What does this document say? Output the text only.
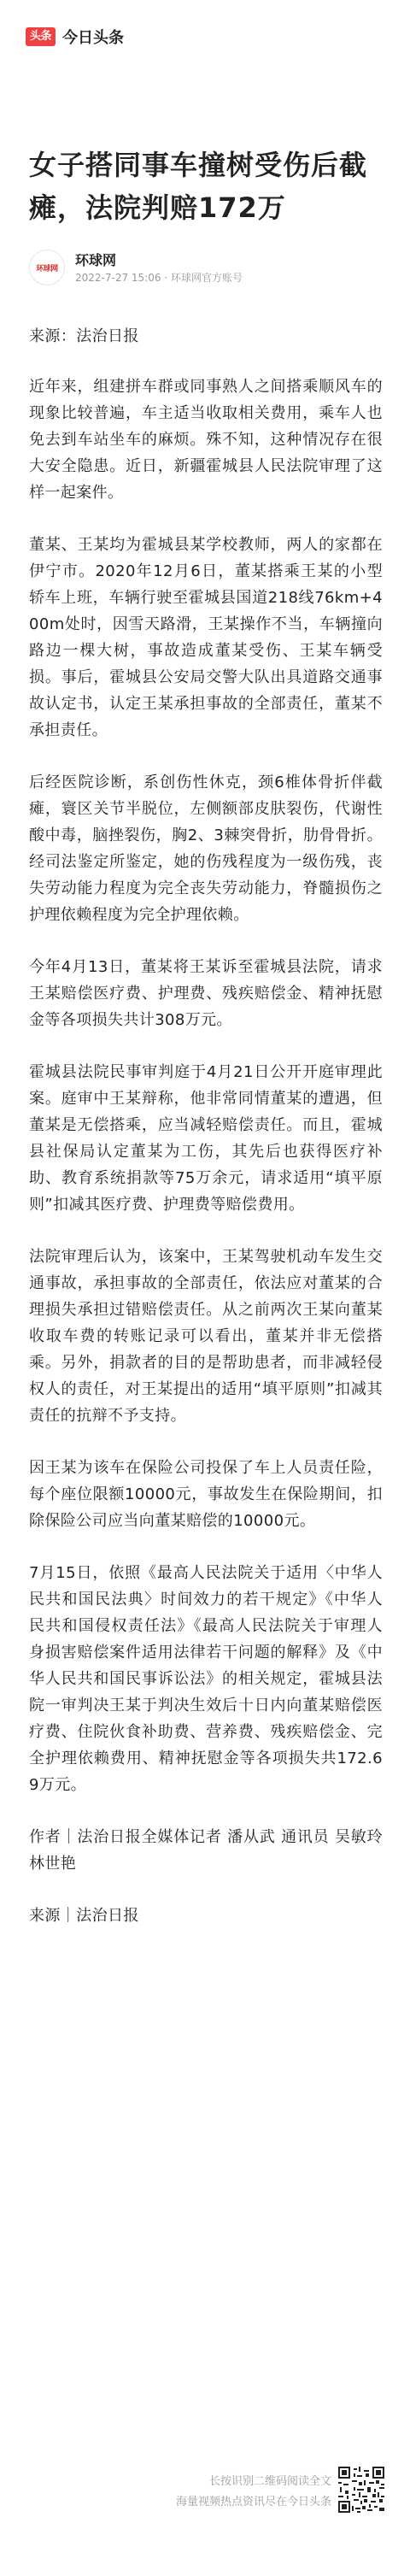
头条 今日头条
女子搭同事车撞树受伤后截瘫，法院判赔172万
环球网
环球网
2022-7-27 15:06 · 环球网官方账号

来源：法治日报

近年来，组建拼车群或同事熟人之间搭乘顺风车的现象比较普遍，车主适当收取相关费用，乘车人也免去到车站坐车的麻烦。殊不知，这种情况存在很大安全隐患。近日，新疆霍城县人民法院审理了这样一起案件。

董某、王某均为霍城县某学校教师，两人的家都在伊宁市。2020年12月6日，董某搭乘王某的小型轿车上班，车辆行驶至霍城县国道218线76km+400m处时，因雪天路滑，王某操作不当，车辆撞向路边一棵大树，事故造成董某受伤、王某车辆受损。事后，霍城县公安局交警大队出具道路交通事故认定书，认定王某承担事故的全部责任，董某不承担责任。

后经医院诊断，系创伤性休克，颈6椎体骨折伴截瘫，寰区关节半脱位，左侧额部皮肤裂伤，代谢性酸中毒，脑挫裂伤，胸2、3棘突骨折，肋骨骨折。经司法鉴定所鉴定，她的伤残程度为一级伤残，丧失劳动能力程度为完全丧失劳动能力，脊髓损伤之护理依赖程度为完全护理依赖。

今年4月13日，董某将王某诉至霍城县法院，请求王某赔偿医疗费、护理费、残疾赔偿金、精神抚慰金等各项损失共计308万元。

霍城县法院民事审判庭于4月21日公开开庭审理此案。庭审中王某辩称，他非常同情董某的遭遇，但董某是无偿搭乘，应当减轻赔偿责任。而且，霍城县社保局认定董某为工伤，其先后也获得医疗补助、教育系统捐款等75万余元，请求适用“填平原则”扣减其医疗费、护理费等赔偿费用。

法院审理后认为，该案中，王某驾驶机动车发生交通事故，承担事故的全部责任，依法应对董某的合理损失承担过错赔偿责任。从之前两次王某向董某收取车费的转账记录可以看出，董某并非无偿搭乘。另外，捐款者的目的是帮助患者，而非减轻侵权人的责任，对王某提出的适用“填平原则”扣减其责任的抗辩不予支持。

因王某为该车在保险公司投保了车上人员责任险，每个座位限额10000元，事故发生在保险期间，扣除保险公司应当向董某赔偿的10000元。

7月15日，依照《最高人民法院关于适用〈中华人民共和国民法典〉时间效力的若干规定》《中华人民共和国侵权责任法》《最高人民法院关于审理人身损害赔偿案件适用法律若干问题的解释》及《中华人民共和国民事诉讼法》的相关规定，霍城县法院一审判决王某于判决生效后十日内向董某赔偿医疗费、住院伙食补助费、营养费、残疾赔偿金、完全护理依赖费用、精神抚慰金等各项损失共172.69万元。

作者｜法治日报全媒体记者 潘从武 通讯员 吴敏玲 林世艳

来源｜法治日报

长按识别二维码阅读全文
海量视频热点资讯尽在今日头条
